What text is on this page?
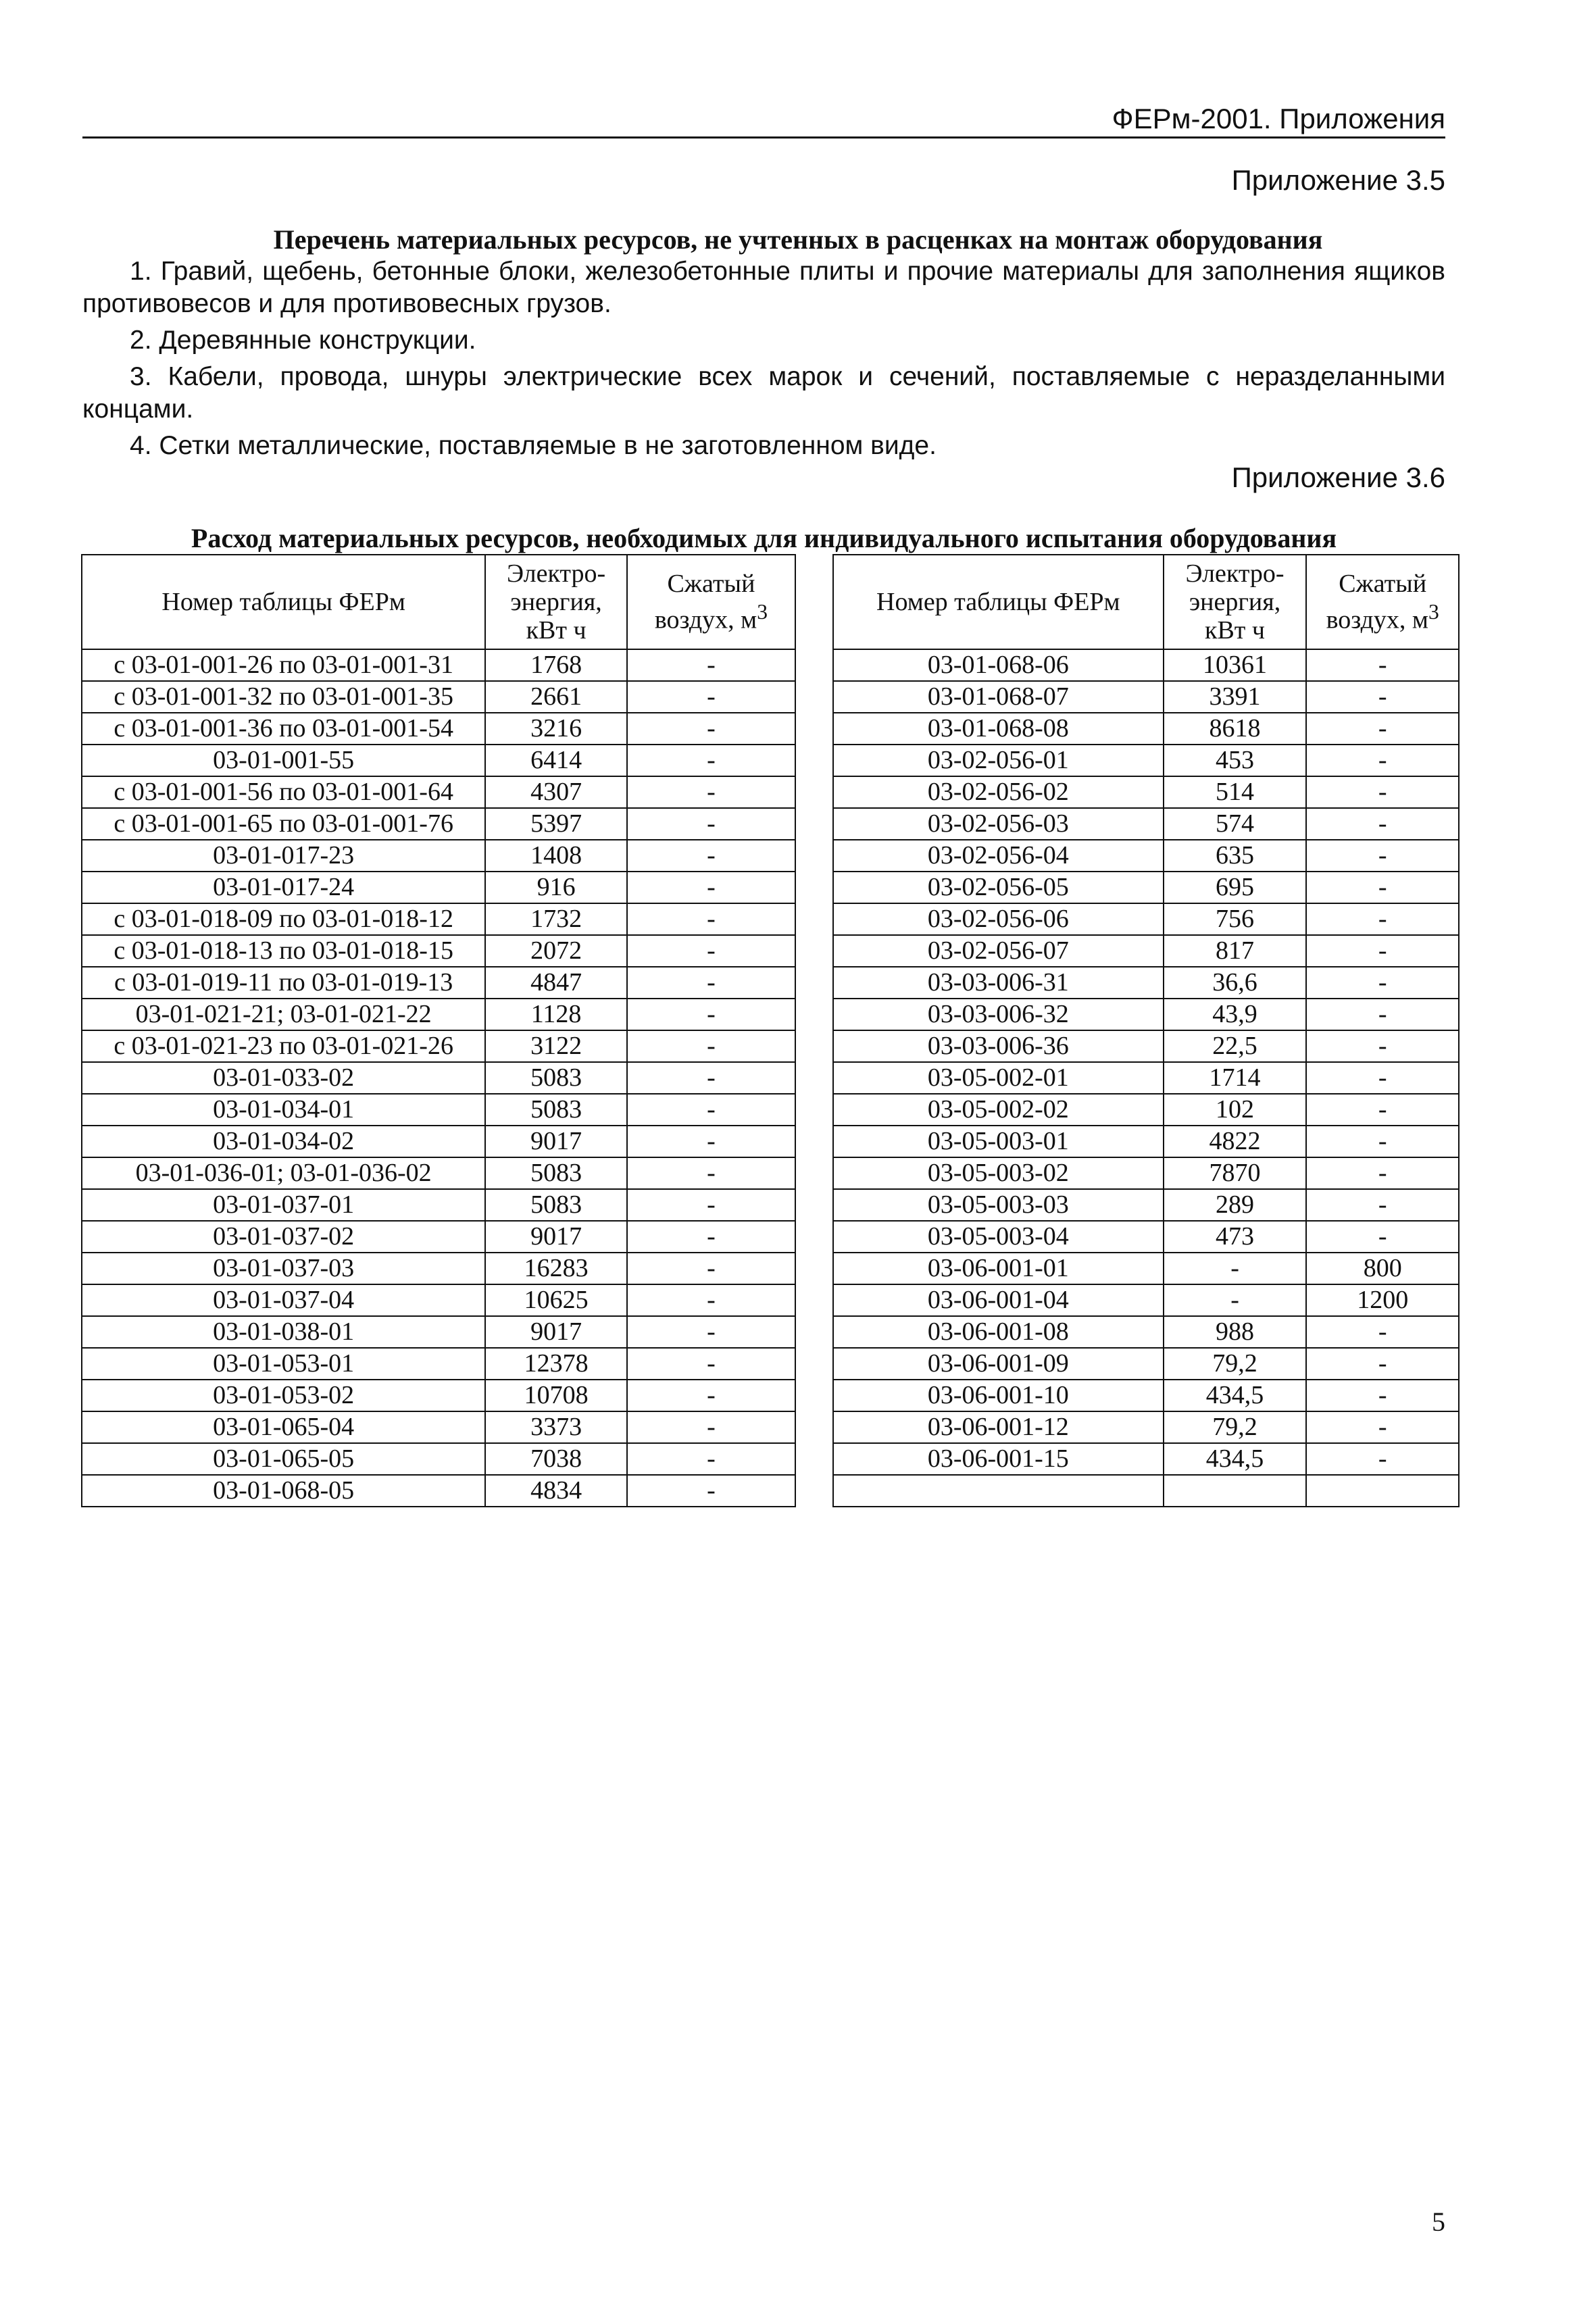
ФЕРм-2001. Приложения
Приложение 3.5
Перечень материальных ресурсов, не учтенных в расценках на монтаж оборудования

1. Гравий, щебень, бетонные блоки, железобетонные плиты и прочие материалы для заполнения ящиков противовесов и для противовесных грузов.

2. Деревянные конструкции.

3. Кабели, провода, шнуры электрические всех марок и сечений, поставляемые с неразделанными концами.

4. Сетки металлические, поставляемые в не заготовленном виде.

Приложение 3.6
Расход материальных ресурсов, необходимых для индивидуального испытания оборудования
Номер таблицы ФЕРм	Электро-
энергия,
кВт ч	Сжатый
воздух, $м^3$
с 03-01-001-26 по 03-01-001-31	1768	-
с 03-01-001-32 по 03-01-001-35	2661	-
с 03-01-001-36 по 03-01-001-54	3216	-
03-01-001-55	6414	-
с 03-01-001-56 по 03-01-001-64	4307	-
с 03-01-001-65 по 03-01-001-76	5397	-
03-01-017-23	1408	-
03-01-017-24	916	-
с 03-01-018-09 по 03-01-018-12	1732	-
с 03-01-018-13 по 03-01-018-15	2072	-
с 03-01-019-11 по 03-01-019-13	4847	-
03-01-021-21; 03-01-021-22	1128	-
с 03-01-021-23 по 03-01-021-26	3122	-
03-01-033-02	5083	-
03-01-034-01	5083	-
03-01-034-02	9017	-
03-01-036-01; 03-01-036-02	5083	-
03-01-037-01	5083	-
03-01-037-02	9017	-
03-01-037-03	16283	-
03-01-037-04	10625	-
03-01-038-01	9017	-
03-01-053-01	12378	-
03-01-053-02	10708	-
03-01-065-04	3373	-
03-01-065-05	7038	-
03-01-068-05	4834	-
Номер таблицы ФЕРм	Электро-
энергия,
кВт ч	Сжатый
воздух, $м^3$
03-01-068-06	10361	-
03-01-068-07	3391	-
03-01-068-08	8618	-
03-02-056-01	453	-
03-02-056-02	514	-
03-02-056-03	574	-
03-02-056-04	635	-
03-02-056-05	695	-
03-02-056-06	756	-
03-02-056-07	817	-
03-03-006-31	36,6	-
03-03-006-32	43,9	-
03-03-006-36	22,5	-
03-05-002-01	1714	-
03-05-002-02	102	-
03-05-003-01	4822	-
03-05-003-02	7870	-
03-05-003-03	289	-
03-05-003-04	473	-
03-06-001-01	-	800
03-06-001-04	-	1200
03-06-001-08	988	-
03-06-001-09	79,2	-
03-06-001-10	434,5	-
03-06-001-12	79,2	-
03-06-001-15	434,5	-

5
